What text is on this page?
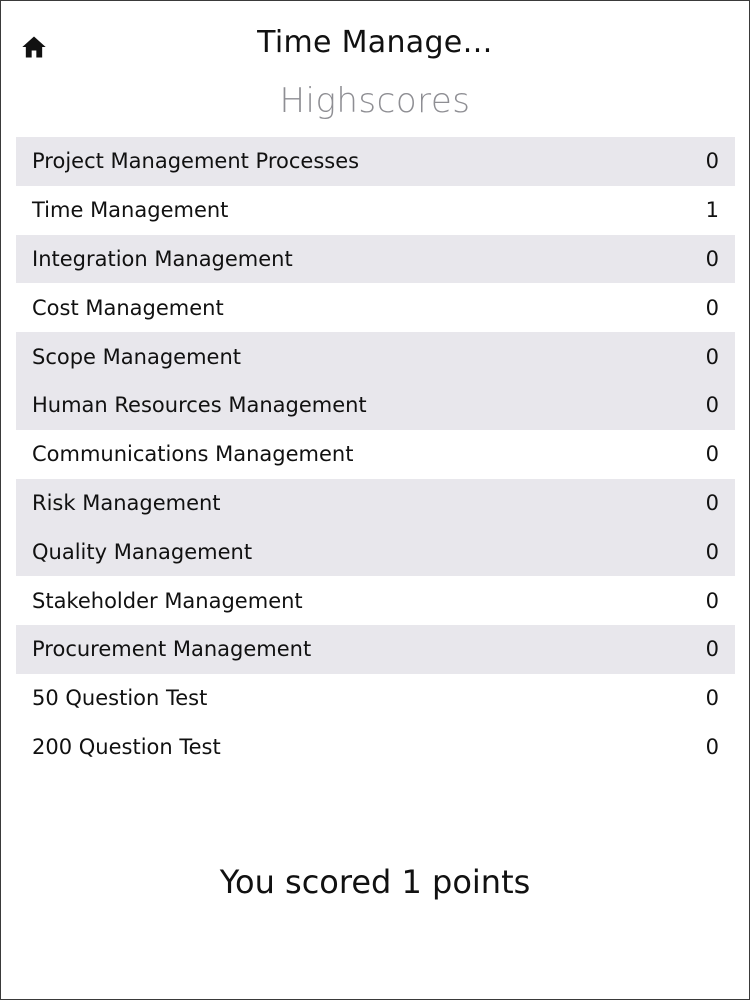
Time Manage…
Highscores
Project Management Processes	0
Time Management	1
Integration Management	0
Cost Management	0
Scope Management	0
Human Resources Management	0
Communications Management	0
Risk Management	0
Quality Management	0
Stakeholder Management	0
Procurement Management	0
50 Question Test	0
200 Question Test	0
You scored 1 points
